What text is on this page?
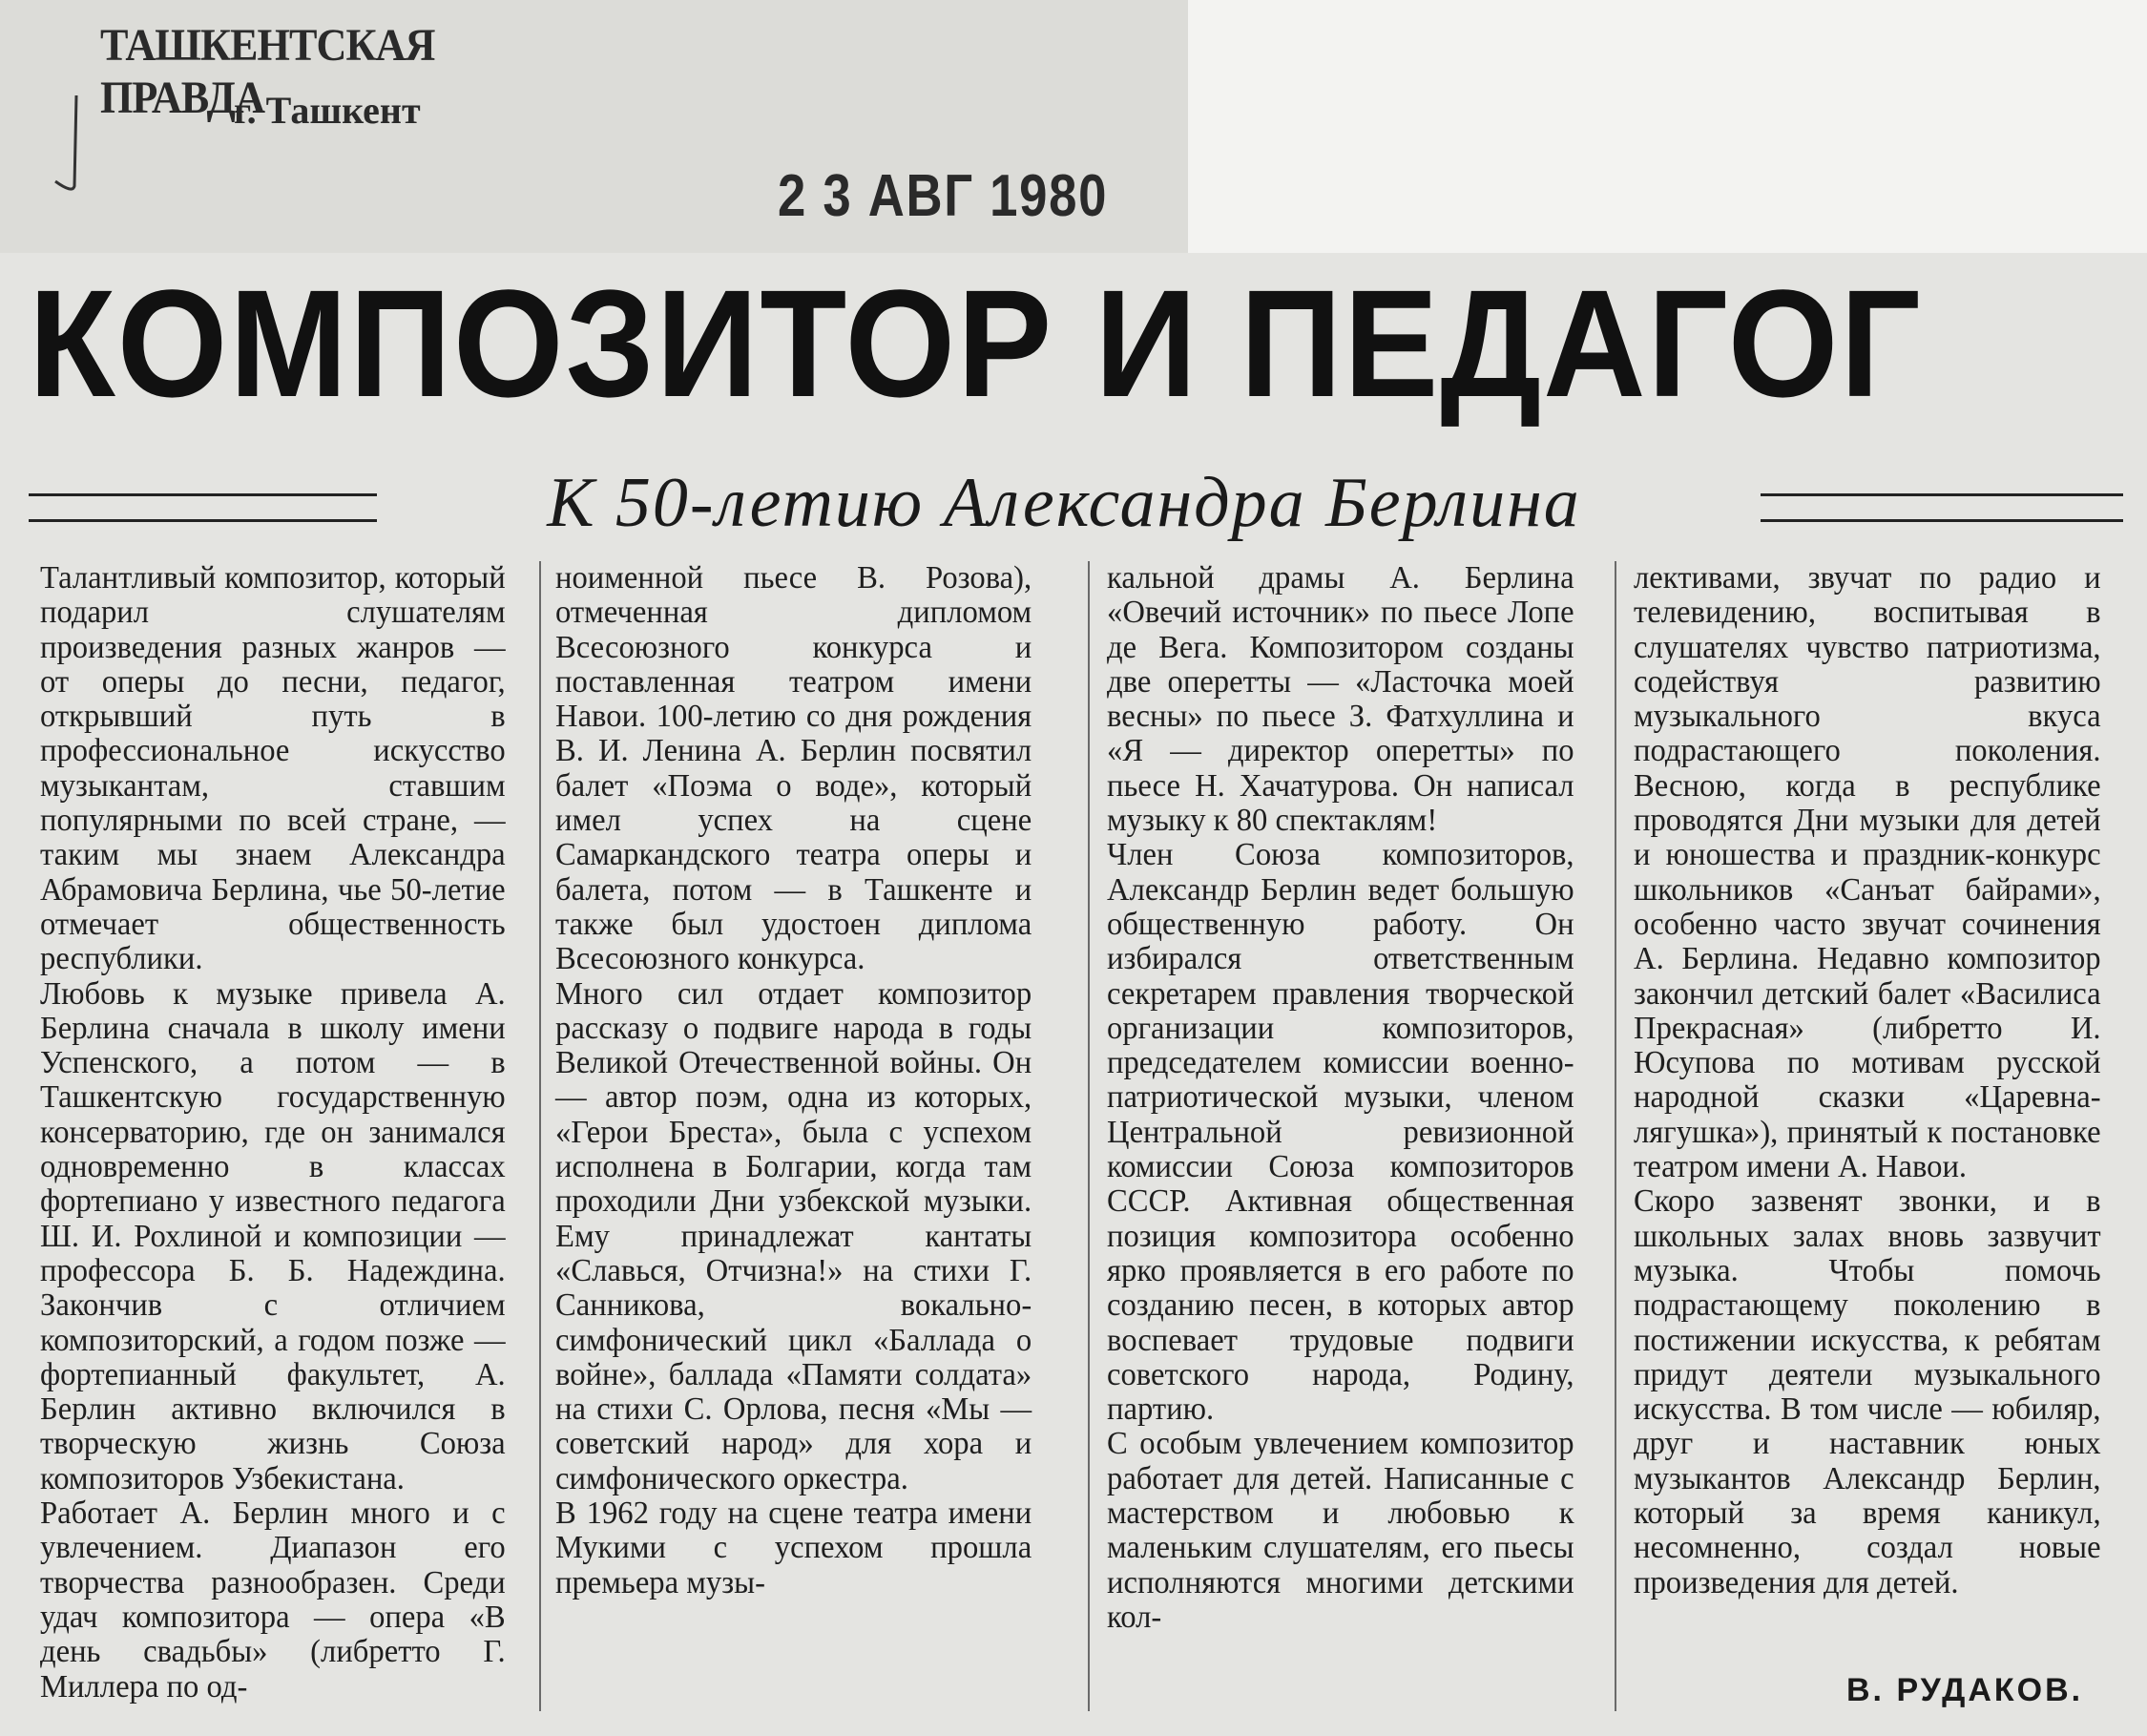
ТАШКЕНТСКАЯ ПРАВДА
г. Ташкент
2 3 АВГ 1980
КОМПОЗИТОР И ПЕДАГОГ
К 50-летию Александра Берлина
Талантливый композитор, который подарил слушателям произведения разных жанров — от оперы до песни, педагог, открывший путь в профессиональное искусство музыкантам, ставшим популярными по всей стране, — таким мы знаем Александра Абрамовича Берлина, чье 50-летие отмечает общественность республики.
Любовь к музыке привела А. Берлина сначала в школу имени Успенского, а потом — в Ташкентскую государственную консерваторию, где он занимался одновременно в классах фортепиано у известного педагога Ш. И. Рохлиной и композиции — профессора Б. Б. Надеждина. Закончив с отличием композиторский, а годом позже — фортепианный факультет, А. Берлин активно включился в творческую жизнь Союза композиторов Узбекистана.
Работает А. Берлин много и с увлечением. Диапазон его творчества разнообразен. Среди удач композитора — опера «В день свадьбы» (либретто Г. Миллера по од-
ноименной пьесе В. Розова), отмеченная дипломом Всесоюзного конкурса и поставленная театром имени Навои. 100-летию со дня рождения В. И. Ленина А. Берлин посвятил балет «Поэма о воде», который имел успех на сцене Самаркандского театра оперы и балета, потом — в Ташкенте и также был удостоен диплома Всесоюзного конкурса.
Много сил отдает композитор рассказу о подвиге народа в годы Великой Отечественной войны. Он — автор поэм, одна из которых, «Герои Бреста», была с успехом исполнена в Болгарии, когда там проходили Дни узбекской музыки. Ему принадлежат кантаты «Славься, Отчизна!» на стихи Г. Санникова, вокально-симфонический цикл «Баллада о войне», баллада «Памяти солдата» на стихи С. Орлова, песня «Мы — советский народ» для хора и симфонического оркестра.
В 1962 году на сцене театра имени Мукими с успехом прошла премьера музы-
кальной драмы А. Берлина «Овечий источник» по пьесе Лопе де Вега. Композитором созданы две оперетты — «Ласточка моей весны» по пьесе З. Фатхуллина и «Я — директор оперетты» по пьесе Н. Хачатурова. Он написал музыку к 80 спектаклям!
Член Союза композиторов, Александр Берлин ведет большую общественную работу. Он избирался ответственным секретарем правления творческой организации композиторов, председателем комиссии военно-патриотической музыки, членом Центральной ревизионной комиссии Союза композиторов СССР. Активная общественная позиция композитора особенно ярко проявляется в его работе по созданию песен, в которых автор воспевает трудовые подвиги советского народа, Родину, партию.
С особым увлечением композитор работает для детей. Написанные с мастерством и любовью к маленьким слушателям, его пьесы исполняются многими детскими кол-
лективами, звучат по радио и телевидению, воспитывая в слушателях чувство патриотизма, содействуя развитию музыкального вкуса подрастающего поколения. Весною, когда в республике проводятся Дни музыки для детей и юношества и праздник-конкурс школьников «Санъат байрами», особенно часто звучат сочинения А. Берлина. Недавно композитор закончил детский балет «Василиса Прекрасная» (либретто И. Юсупова по мотивам русской народной сказки «Царевна-лягушка»), принятый к постановке театром имени А. Навои.
Скоро зазвенят звонки, и в школьных залах вновь зазвучит музыка. Чтобы помочь подрастающему поколению в постижении искусства, к ребятам придут деятели музыкального искусства. В том числе — юбиляр, друг и наставник юных музыкантов Александр Берлин, который за время каникул, несомненно, создал новые произведения для детей.
В. РУДАКОВ.
